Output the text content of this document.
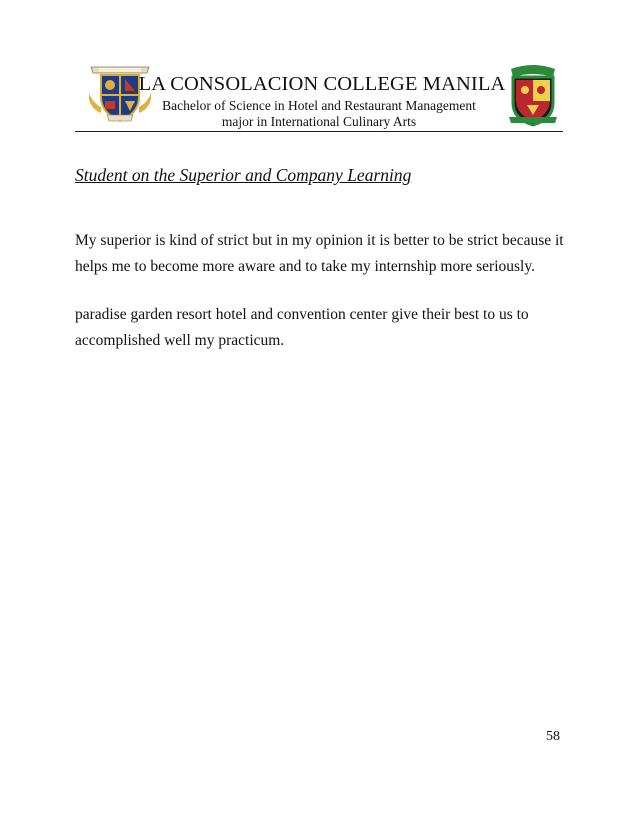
LA CONSOLACION COLLEGE MANILA
Bachelor of Science in Hotel and Restaurant Management
major in International Culinary Arts
Student on the Superior and Company Learning
My superior is kind of strict but in my opinion it is better to be strict because it helps me to become more aware and to take my internship more seriously.
paradise garden resort hotel and convention center give their best to us to accomplished well my practicum.
58
